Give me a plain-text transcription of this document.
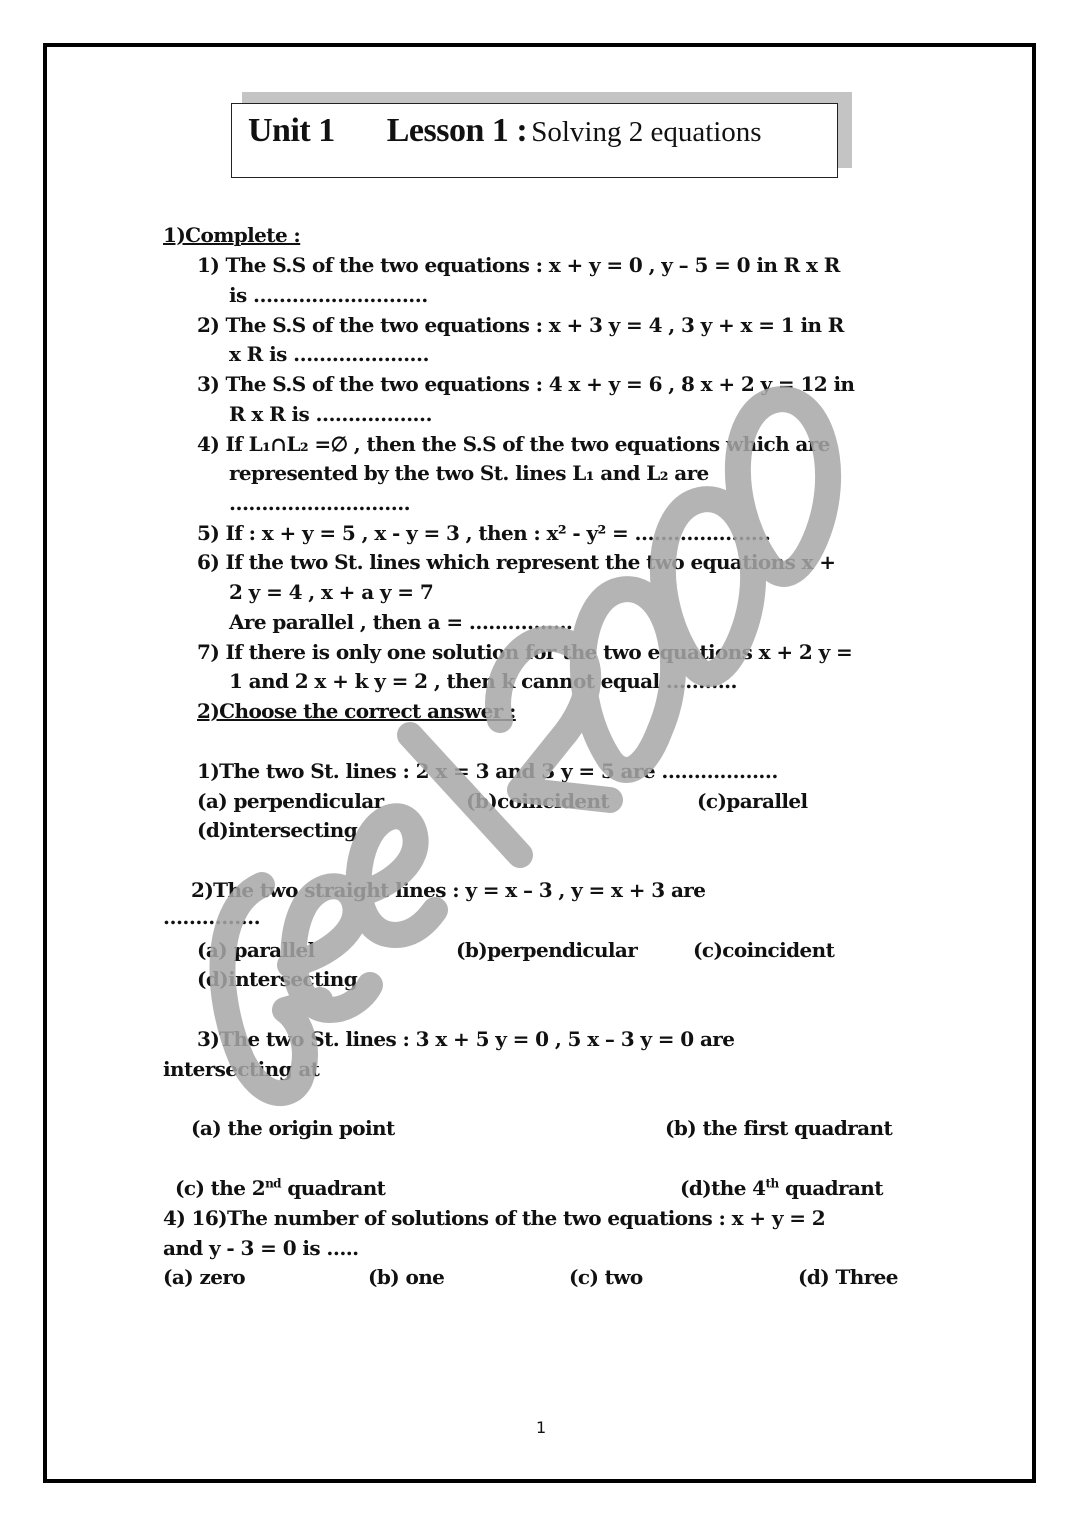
Unit 1 Lesson 1 : Solving 2 equations
1)Complete :
1) The S.S of the two equations : x + y = 0 , y – 5 = 0 in R x R
is ………………………
2) The S.S of the two equations : x + 3 y = 4 , 3 y + x = 1 in R
x R is …………………
3) The S.S of the two equations : 4 x + y = 6 , 8 x + 2 y = 12 in
R x R is ………………
4) If L₁∩L₂ =∅ , then the S.S of the two equations which are
represented by the two St. lines L₁ and L₂ are
……………………….
5) If : x + y = 5 , x - y = 3 , then : x² - y² = …………………
6) If the two St. lines which represent the two equations x +
2 y = 4 , x + a y = 7
Are parallel , then a = …………….
7) If there is only one solution for the two equations x + 2 y =
1 and 2 x + k y = 2 , then k cannot equal ………..
2)Choose the correct answer :
1)The two St. lines : 2 x = 3 and 3 y = 5 are ………………
(a) perpendicular	(b)coincident	(c)parallel
(d)intersecting
2)The two straight lines : y = x – 3 , y = x + 3 are
……………
(a) parallel	(b)perpendicular	(c)coincident
(d)intersecting
3)The two St. lines : 3 x + 5 y = 0 , 5 x – 3 y = 0 are
intersecting at
(a) the origin point	(b) the first quadrant
(c) the 2nd quadrant	(d)the 4th quadrant
4) 16)The number of solutions of the two equations : x + y = 2
and y - 3 = 0 is …..
(a) zero	(b) one	(c) two	(d) Three
1
